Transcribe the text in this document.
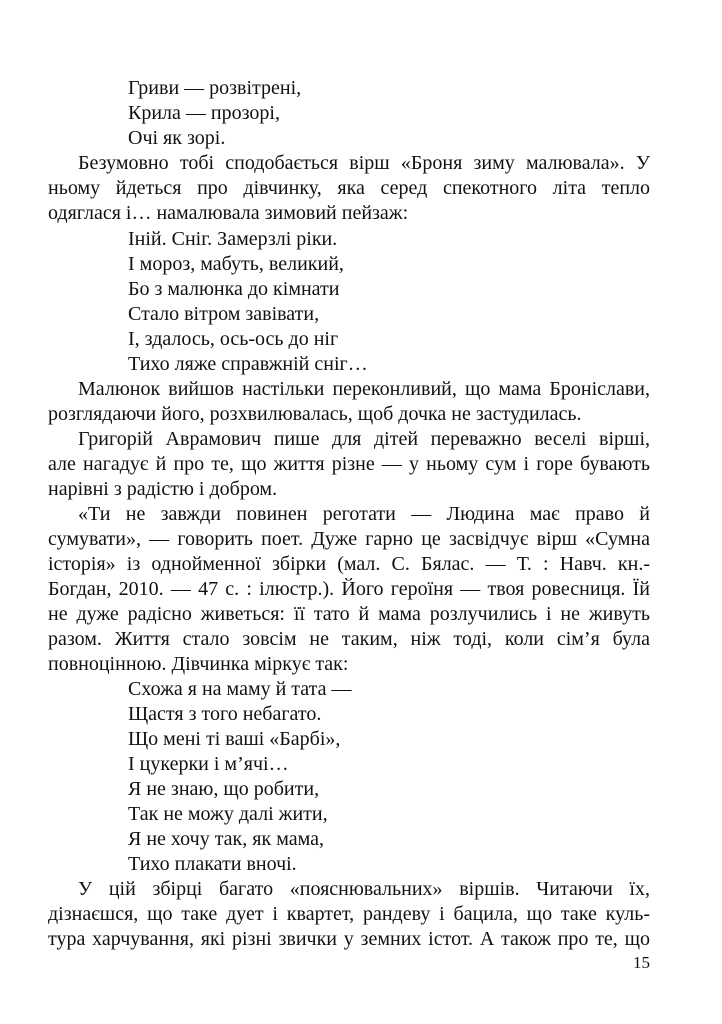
Гриви — розвітрені,
Крила — прозорі,
Очі як зорі.
Безумовно тобі сподобається вірш «Броня зиму малювала». У
ньому йдеться про дівчинку, яка серед спекотного літа тепло
одяглася і… намалювала зимовий пейзаж:
Іній. Сніг. Замерзлі ріки.
І мороз, мабуть, великий,
Бо з малюнка до кімнати
Стало вітром завівати,
І, здалось, ось-ось до ніг
Тихо ляже справжній сніг…
Малюнок вийшов настільки переконливий, що мама Броніслави,
розглядаючи його, розхвилювалась, щоб дочка не застудилась.
Григорій Аврамович пише для дітей переважно веселі вірші,
але нагадує й про те, що життя різне — у ньому сум і горе бувають
нарівні з радістю і добром.
«Ти не завжди повинен реготати — Людина має право й
сумувати», — говорить поет. Дуже гарно це засвідчує вірш «Сумна
історія» із однойменної збірки (мал. С. Бялас. — Т. : Навч. кн.-
Богдан, 2010. — 47 с. : ілюстр.). Його героїня — твоя ровесниця. Їй
не дуже радісно живеться: її тато й мама розлучились і не живуть
разом. Життя стало зовсім не таким, ніж тоді, коли сім’я була
повноцінною. Дівчинка міркує так:
Схожа я на маму й тата —
Щастя з того небагато.
Що мені ті ваші «Барбі»,
І цукерки і м’ячі…
Я не знаю, що робити,
Так не можу далі жити,
Я не хочу так, як мама,
Тихо плакати вночі.
У цій збірці багато «пояснювальних» віршів. Читаючи їх,
дізнаєшся, що таке дует і квартет, рандеву і бацила, що таке куль-
тура харчування, які різні звички у земних істот. А також про те, що
15
